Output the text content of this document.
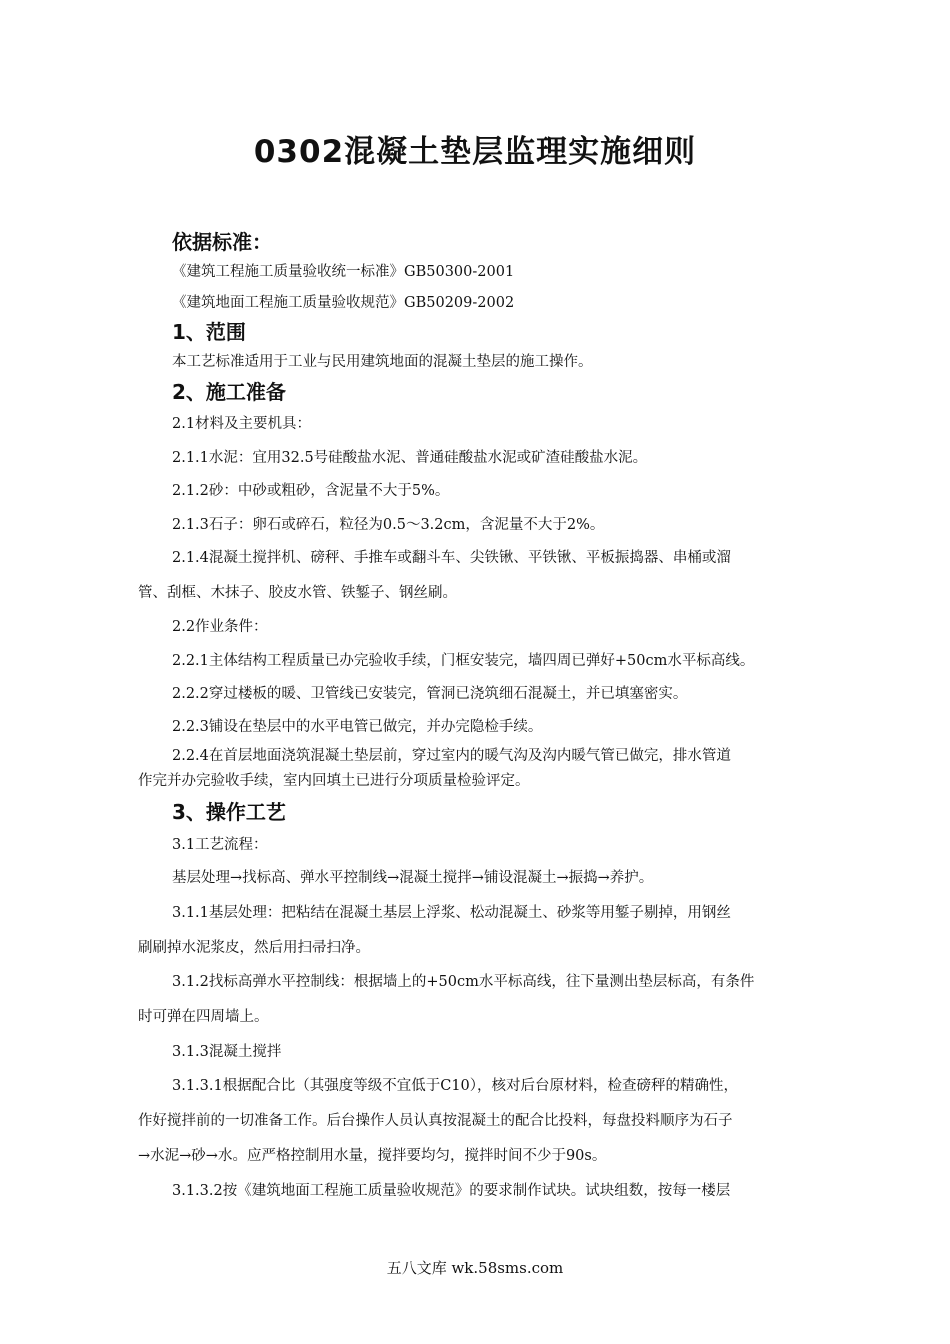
0302混凝土垫层监理实施细则
依据标准：
《建筑工程施工质量验收统一标准》GB50300-2001
《建筑地面工程施工质量验收规范》GB50209-2002
1、范围
本工艺标准适用于工业与民用建筑地面的混凝土垫层的施工操作。
2、施工准备
2.1材料及主要机具：
2.1.1水泥：宜用32.5号硅酸盐水泥、普通硅酸盐水泥或矿渣硅酸盐水泥。
2.1.2砂：中砂或粗砂，含泥量不大于5%。
2.1.3石子：卵石或碎石，粒径为0.5～3.2cm，含泥量不大于2%。
2.1.4混凝土搅拌机、磅秤、手推车或翻斗车、尖铁锹、平铁锹、平板振捣器、串桶或溜
管、刮框、木抹子、胶皮水管、铁錾子、钢丝刷。
2.2作业条件：
2.2.1主体结构工程质量已办完验收手续，门框安装完，墙四周已弹好+50cm水平标高线。
2.2.2穿过楼板的暖、卫管线已安装完，管洞已浇筑细石混凝土，并已填塞密实。
2.2.3铺设在垫层中的水平电管已做完，并办完隐检手续。
2.2.4在首层地面浇筑混凝土垫层前，穿过室内的暖气沟及沟内暖气管已做完，排水管道
作完并办完验收手续，室内回填土已进行分项质量检验评定。
3、操作工艺
3.1工艺流程：
基层处理→找标高、弹水平控制线→混凝土搅拌→铺设混凝土→振捣→养护。
3.1.1基层处理：把粘结在混凝土基层上浮浆、松动混凝土、砂浆等用錾子剔掉，用钢丝
刷刷掉水泥浆皮，然后用扫帚扫净。
3.1.2找标高弹水平控制线：根据墙上的+50cm水平标高线，往下量测出垫层标高，有条件
时可弹在四周墙上。
3.1.3混凝土搅拌
3.1.3.1根据配合比（其强度等级不宜低于C10），核对后台原材料，检查磅秤的精确性，
作好搅拌前的一切准备工作。后台操作人员认真按混凝土的配合比投料，每盘投料顺序为石子
→水泥→砂→水。应严格控制用水量，搅拌要均匀，搅拌时间不少于90s。
3.1.3.2按《建筑地面工程施工质量验收规范》的要求制作试块。试块组数，按每一楼层
五八文库 wk.58sms.com
